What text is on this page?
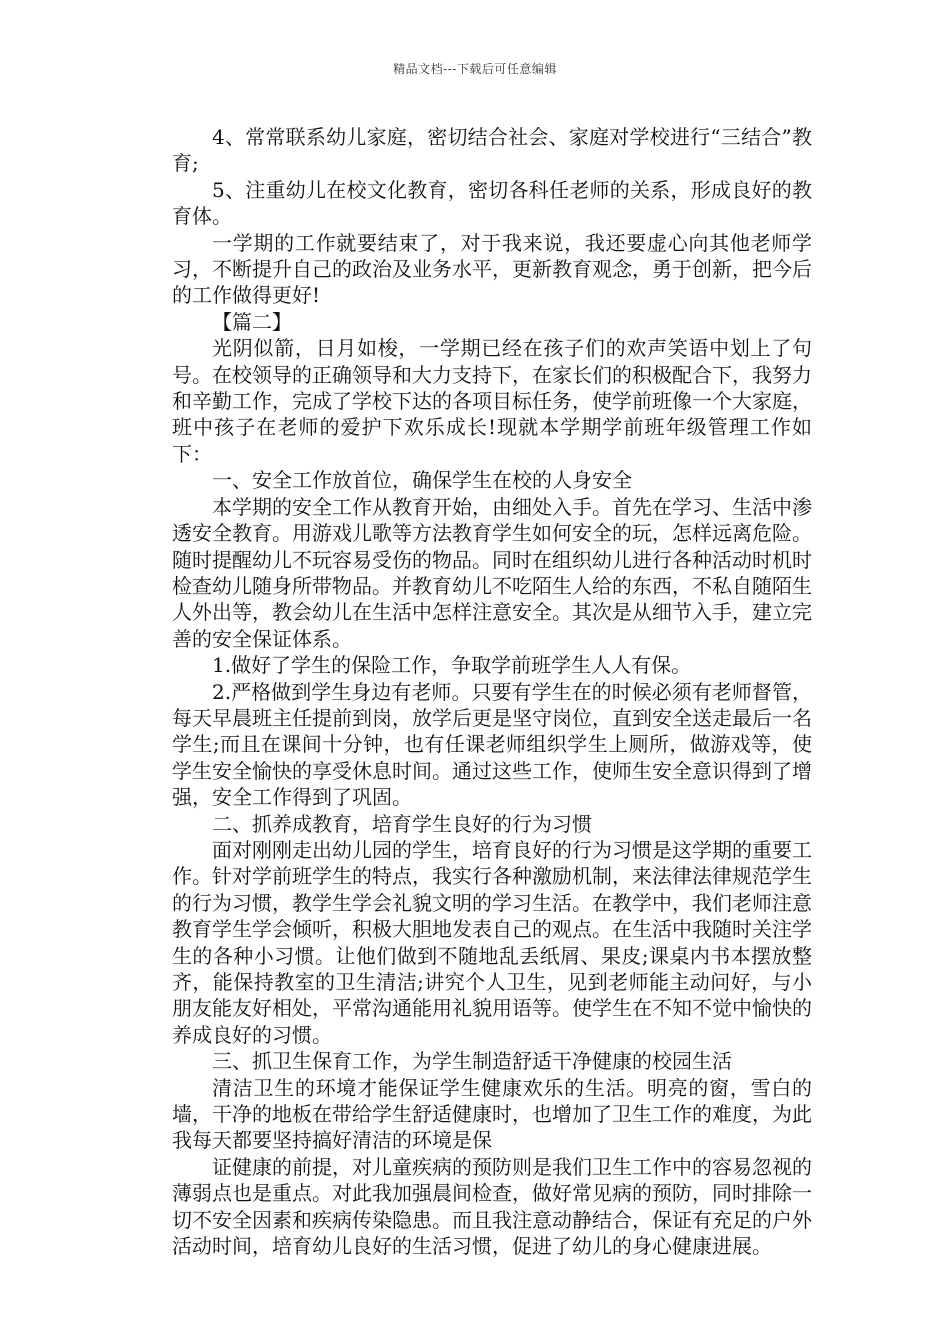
精品文档---下载后可任意编辑

4、常常联系幼儿家庭，密切结合社会、家庭对学校进行“三结合”教育;

5、注重幼儿在校文化教育，密切各科任老师的关系，形成良好的教育体。

一学期的工作就要结束了，对于我来说，我还要虚心向其他老师学习，不断提升自己的政治及业务水平，更新教育观念，勇于创新，把今后的工作做得更好!

【篇二】

光阴似箭，日月如梭，一学期已经在孩子们的欢声笑语中划上了句号。在校领导的正确领导和大力支持下，在家长们的积极配合下，我努力和辛勤工作，完成了学校下达的各项目标任务，使学前班像一个大家庭，班中孩子在老师的爱护下欢乐成长!现就本学期学前班年级管理工作如下：

一、安全工作放首位，确保学生在校的人身安全

本学期的安全工作从教育开始，由细处入手。首先在学习、生活中渗透安全教育。用游戏儿歌等方法教育学生如何安全的玩，怎样远离危险。随时提醒幼儿不玩容易受伤的物品。同时在组织幼儿进行各种活动时机时检查幼儿随身所带物品。并教育幼儿不吃陌生人给的东西，不私自随陌生人外出等，教会幼儿在生活中怎样注意安全。其次是从细节入手，建立完善的安全保证体系。

1.做好了学生的保险工作，争取学前班学生人人有保。

2.严格做到学生身边有老师。只要有学生在的时候必须有老师督管，每天早晨班主任提前到岗，放学后更是坚守岗位，直到安全送走最后一名学生;而且在课间十分钟，也有任课老师组织学生上厕所，做游戏等，使学生安全愉快的享受休息时间。通过这些工作，使师生安全意识得到了增强，安全工作得到了巩固。

二、抓养成教育，培育学生良好的行为习惯

面对刚刚走出幼儿园的学生，培育良好的行为习惯是这学期的重要工作。针对学前班学生的特点，我实行各种激励机制，来法律法律规范学生的行为习惯，教学生学会礼貌文明的学习生活。在教学中，我们老师注意教育学生学会倾听，积极大胆地发表自己的观点。在生活中我随时关注学生的各种小习惯。让他们做到不随地乱丢纸屑、果皮;课桌内书本摆放整齐，能保持教室的卫生清洁;讲究个人卫生，见到老师能主动问好，与小朋友能友好相处，平常沟通能用礼貌用语等。使学生在不知不觉中愉快的养成良好的习惯。

三、抓卫生保育工作，为学生制造舒适干净健康的校园生活

清洁卫生的环境才能保证学生健康欢乐的生活。明亮的窗，雪白的墙，干净的地板在带给学生舒适健康时，也增加了卫生工作的难度，为此我每天都要坚持搞好清洁的环境是保

证健康的前提，对儿童疾病的预防则是我们卫生工作中的容易忽视的薄弱点也是重点。对此我加强晨间检查，做好常见病的预防，同时排除一切不安全因素和疾病传染隐患。而且我注意动静结合，保证有充足的户外活动时间，培育幼儿良好的生活习惯，促进了幼儿的身心健康进展。
